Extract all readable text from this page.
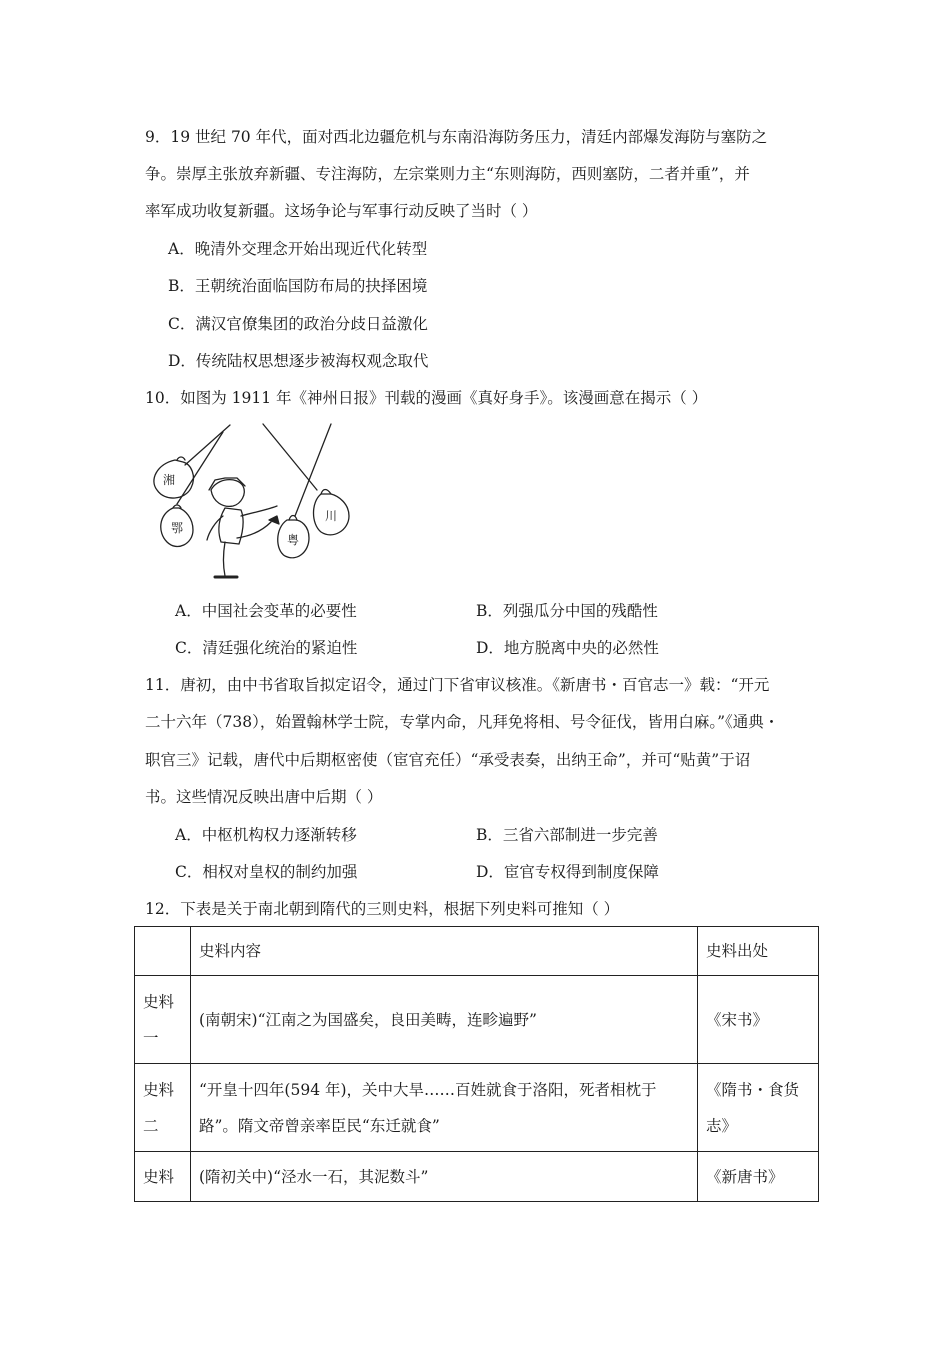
9．19 世纪 70 年代，面对西北边疆危机与东南沿海防务压力，清廷内部爆发海防与塞防之
争。崇厚主张放弃新疆、专注海防，左宗棠则力主“东则海防，西则塞防，二者并重”，并
率军成功收复新疆。这场争论与军事行动反映了当时（ ）
A．晚清外交理念开始出现近代化转型
B．王朝统治面临国防布局的抉择困境
C．满汉官僚集团的政治分歧日益激化
D．传统陆权思想逐步被海权观念取代
10．如图为 1911 年《神州日报》刊载的漫画《真好身手》。该漫画意在揭示（ ）
湘
鄂
粤
川
A．中国社会变革的必要性	B．列强瓜分中国的残酷性
C．清廷强化统治的紧迫性	D．地方脱离中央的必然性
11．唐初，由中书省取旨拟定诏令，通过门下省审议核准。《新唐书・百官志一》载：“开元
二十六年（738），始置翰林学士院，专掌内命，凡拜免将相、号令征伐，皆用白麻。”《通典・
职官三》记载，唐代中后期枢密使（宦官充任）“承受表奏，出纳王命”，并可“贴黄”于诏
书。这些情况反映出唐中后期（ ）
A．中枢机构权力逐渐转移	B．三省六部制进一步完善
C．相权对皇权的制约加强	D．宦官专权得到制度保障
12．下表是关于南北朝到隋代的三则史料，根据下列史料可推知（ ）
	史料内容	史料出处
史料一	(南朝宋)“江南之为国盛矣，良田美畴，连畛遍野”	《宋书》
史料二	“开皇十四年(594 年)，关中大旱……百姓就食于洛阳，死者相枕于路”。隋文帝曾亲率臣民“东迁就食”	《隋书・食货志》
史料	(隋初关中)“泾水一石，其泥数斗”	《新唐书》
